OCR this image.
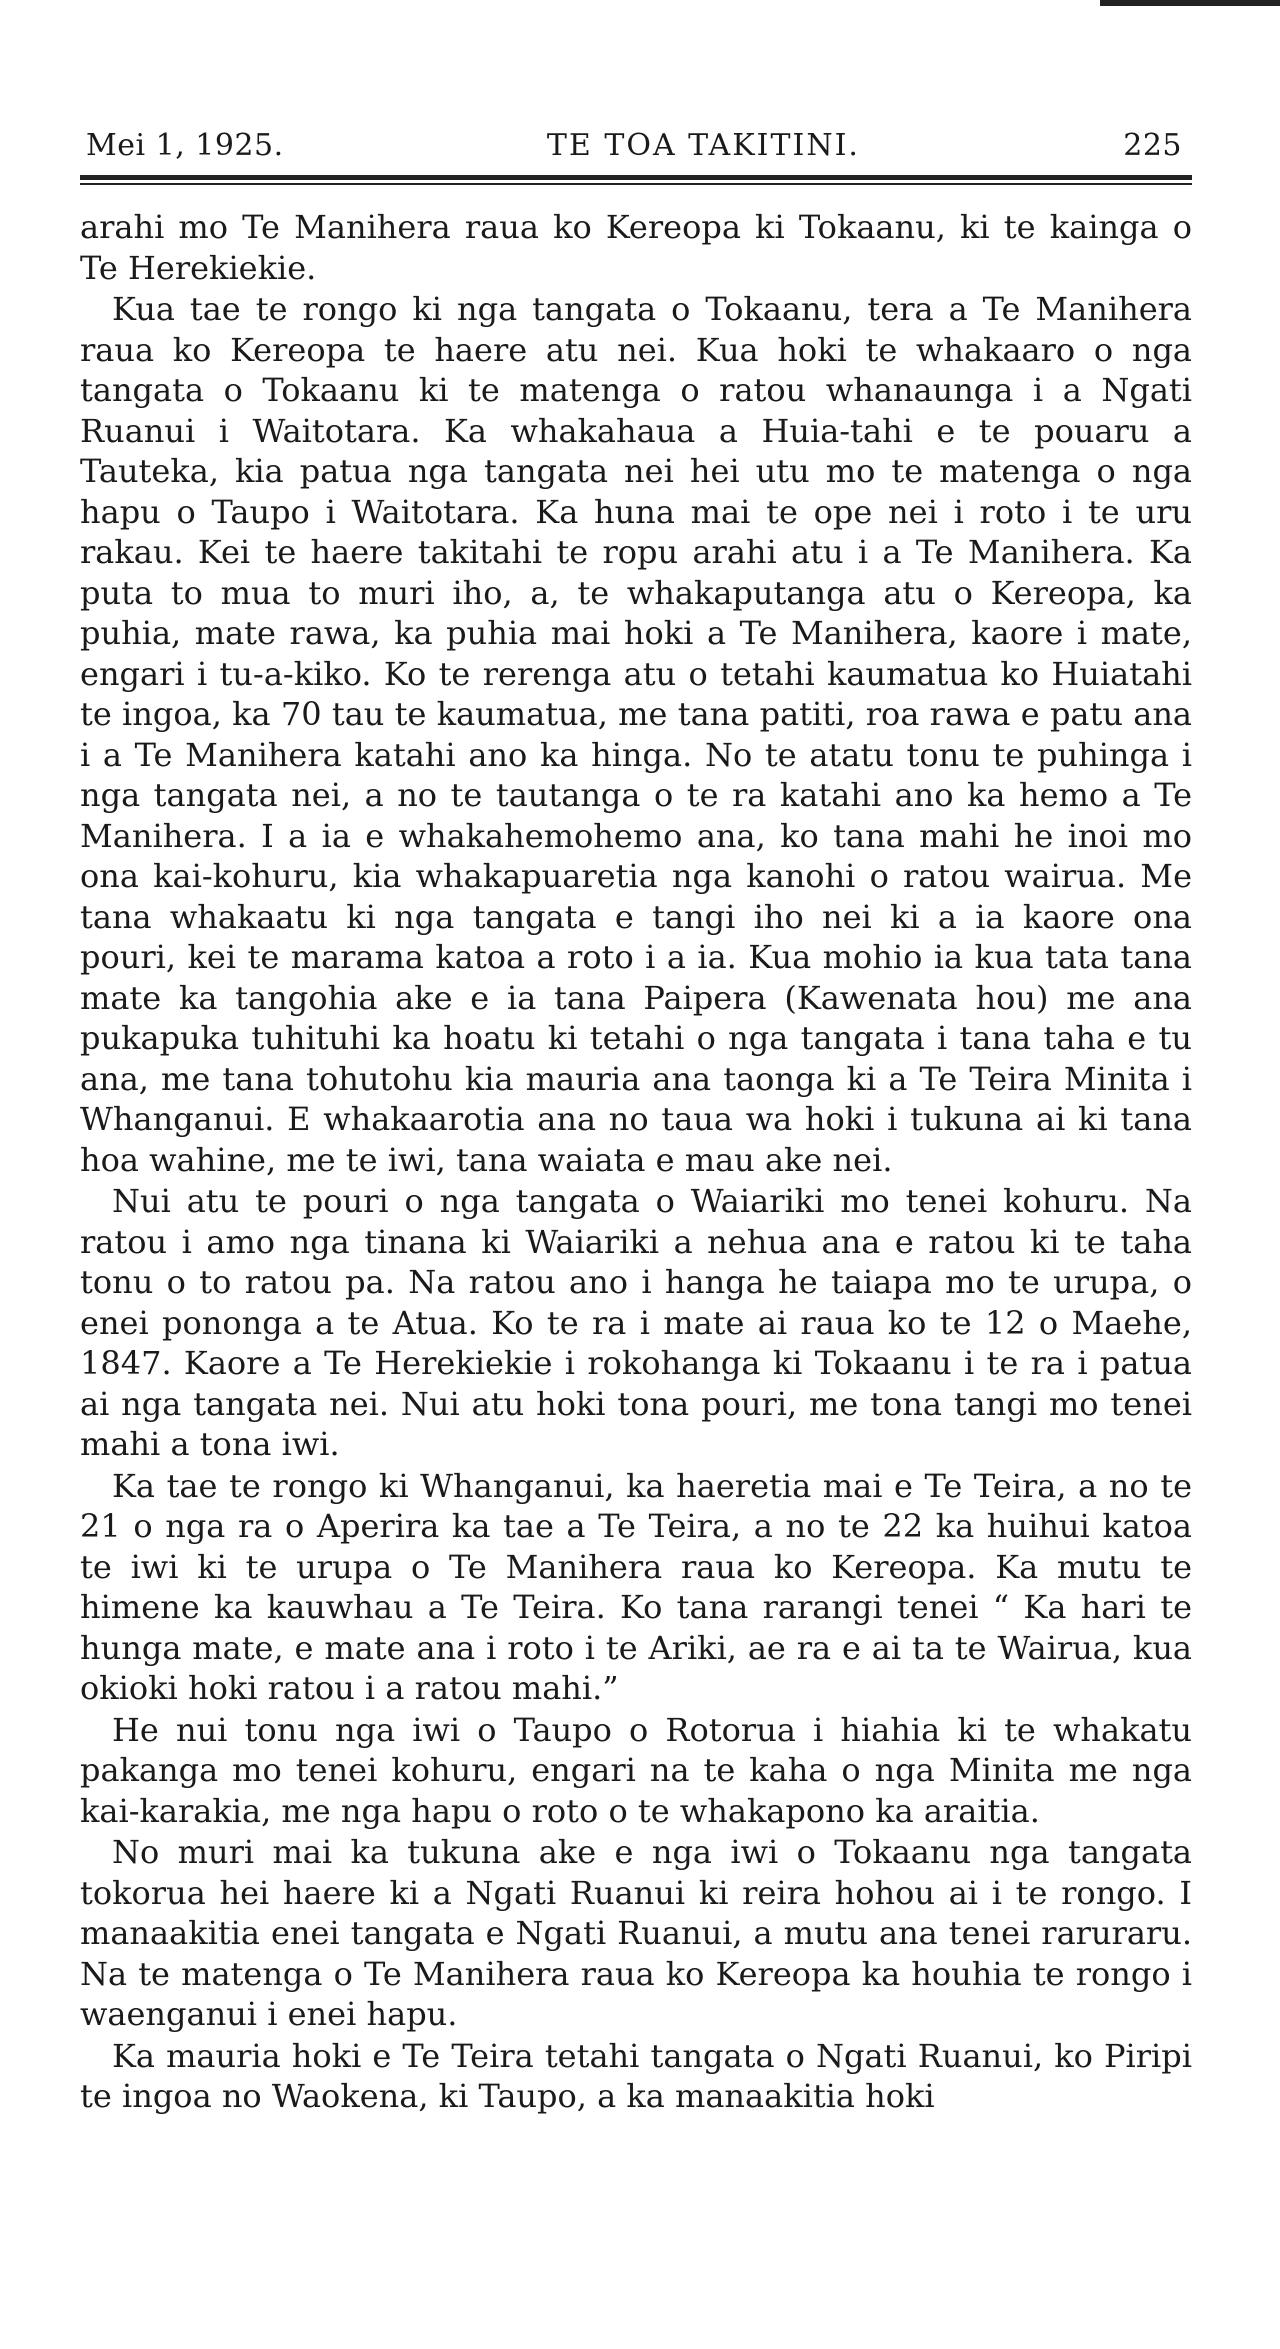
Mei 1, 1925.	TE TOA TAKITINI.	225

arahi mo Te Manihera raua ko Kereopa ki Tokaanu, ki te kainga o Te Herekiekie.

Kua tae te rongo ki nga tangata o Tokaanu, tera a Te Manihera raua ko Kereopa te haere atu nei. Kua hoki te whakaaro o nga tangata o Tokaanu ki te matenga o ratou whanaunga i a Ngati Ruanui i Waitotara. Ka whakahaua a Huia-tahi e te pouaru a Tauteka, kia patua nga tangata nei hei utu mo te matenga o nga hapu o Taupo i Waitotara. Ka huna mai te ope nei i roto i te uru rakau. Kei te haere takitahi te ropu arahi atu i a Te Manihera. Ka puta to mua to muri iho, a, te whakaputanga atu o Kereopa, ka puhia, mate rawa, ka puhia mai hoki a Te Manihera, kaore i mate, engari i tu-a-kiko. Ko te rerenga atu o tetahi kaumatua ko Huiatahi te ingoa, ka 70 tau te kaumatua, me tana patiti, roa rawa e patu ana i a Te Manihera katahi ano ka hinga. No te atatu tonu te puhinga i nga tangata nei, a no te tautanga o te ra katahi ano ka hemo a Te Manihera. I a ia e whakahemohemo ana, ko tana mahi he inoi mo ona kai-kohuru, kia whakapuaretia nga kanohi o ratou wairua. Me tana whakaatu ki nga tangata e tangi iho nei ki a ia kaore ona pouri, kei te marama katoa a roto i a ia. Kua mohio ia kua tata tana mate ka tangohia ake e ia tana Paipera (Kawenata hou) me ana pukapuka tuhituhi ka hoatu ki tetahi o nga tangata i tana taha e tu ana, me tana tohutohu kia mauria ana taonga ki a Te Teira Minita i Whanganui. E whakaarotia ana no taua wa hoki i tukuna ai ki tana hoa wahine, me te iwi, tana waiata e mau ake nei.

Nui atu te pouri o nga tangata o Waiariki mo tenei kohuru. Na ratou i amo nga tinana ki Waiariki a nehua ana e ratou ki te taha tonu o to ratou pa. Na ratou ano i hanga he taiapa mo te urupa, o enei pononga a te Atua. Ko te ra i mate ai raua ko te 12 o Maehe, 1847. Kaore a Te Herekiekie i rokohanga ki Tokaanu i te ra i patua ai nga tangata nei. Nui atu hoki tona pouri, me tona tangi mo tenei mahi a tona iwi.

Ka tae te rongo ki Whanganui, ka haeretia mai e Te Teira, a no te 21 o nga ra o Aperira ka tae a Te Teira, a no te 22 ka huihui katoa te iwi ki te urupa o Te Manihera raua ko Kereopa. Ka mutu te himene ka kauwhau a Te Teira. Ko tana rarangi tenei “ Ka hari te hunga mate, e mate ana i roto i te Ariki, ae ra e ai ta te Wairua, kua okioki hoki ratou i a ratou mahi.”

He nui tonu nga iwi o Taupo o Rotorua i hiahia ki te whakatu pakanga mo tenei kohuru, engari na te kaha o nga Minita me nga kai-karakia, me nga hapu o roto o te whakapono ka araitia.

No muri mai ka tukuna ake e nga iwi o Tokaanu nga tangata tokorua hei haere ki a Ngati Ruanui ki reira hohou ai i te rongo. I manaakitia enei tangata e Ngati Ruanui, a mutu ana tenei raruraru. Na te matenga o Te Manihera raua ko Kereopa ka houhia te rongo i waenganui i enei hapu.

Ka mauria hoki e Te Teira tetahi tangata o Ngati Ruanui, ko Piripi te ingoa no Waokena, ki Taupo, a ka manaakitia hoki
